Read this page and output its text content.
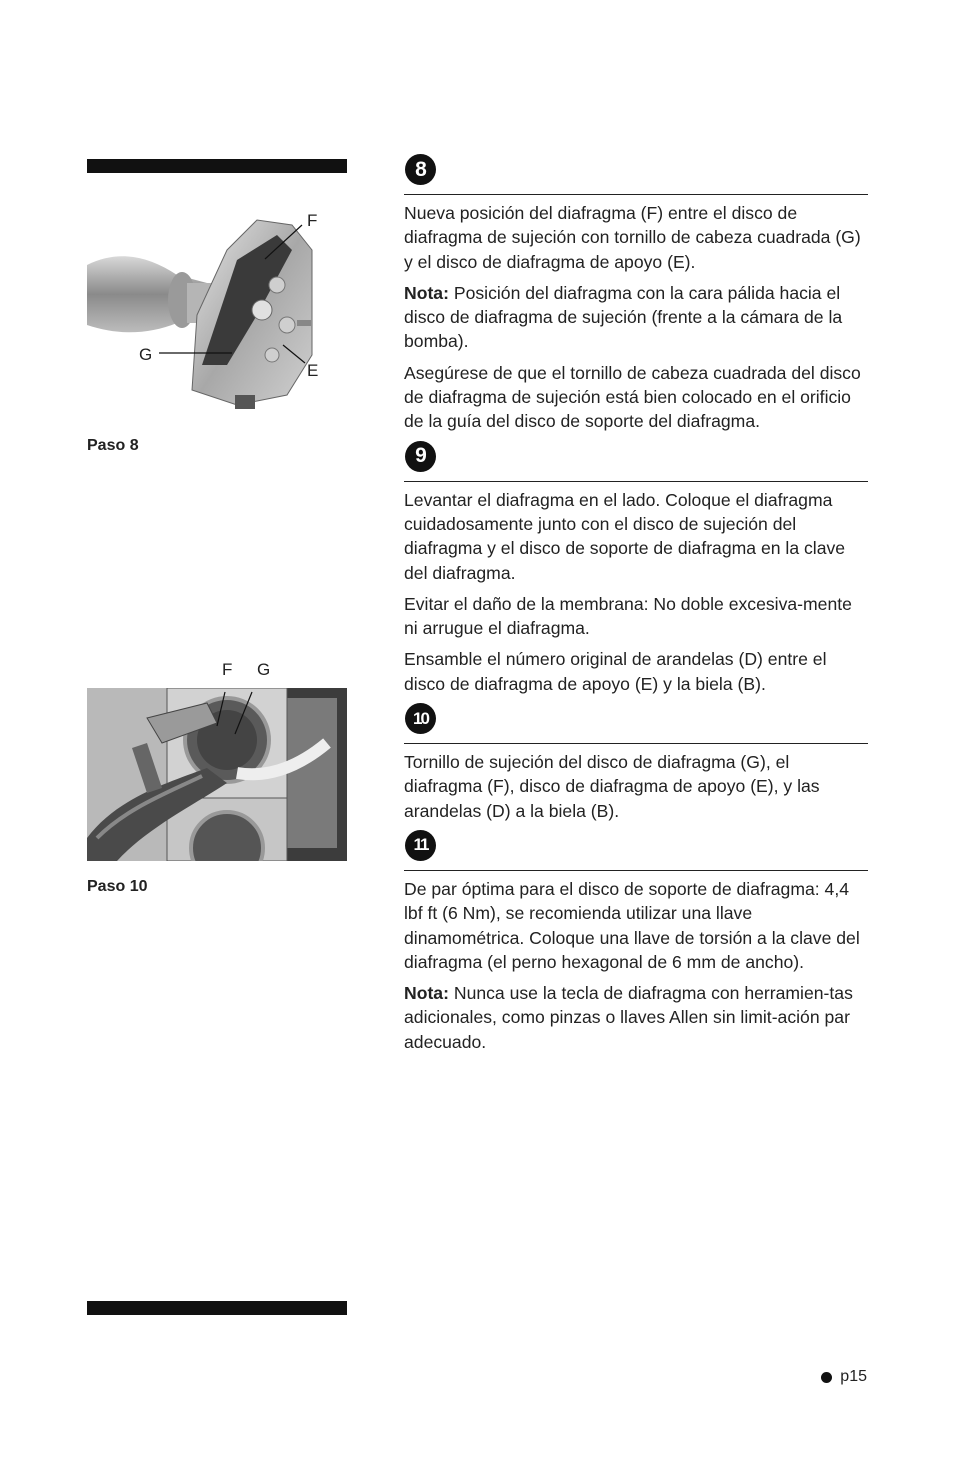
F
G
E
Paso 8
F G
Paso 10
8

Nueva posición del diafragma (F) entre el disco de diafragma de sujeción con tornillo de cabeza cuadrada (G) y el disco de diafragma de apoyo (E).

Nota: Posición del diafragma con la cara pálida hacia el disco de diafragma de sujeción (frente a la cámara de la bomba).

Asegúrese de que el tornillo de cabeza cuadrada del disco de diafragma de sujeción está bien colocado en el orificio de la guía del disco de soporte del diafragma.

9

Levantar el diafragma en el lado. Coloque el diafragma cuidadosamente junto con el disco de sujeción del diafragma y el disco de soporte de diafragma en la clave del diafragma.

Evitar el daño de la membrana: No doble excesiva-mente ni arrugue el diafragma.

Ensamble el número original de arandelas (D) entre el disco de diafragma de apoyo (E) y la biela (B).

10

Tornillo de sujeción del disco de diafragma (G), el diafragma (F), disco de diafragma de apoyo (E), y las arandelas (D) a la biela (B).

11

De par óptima para el disco de soporte de diafragma: 4,4 lbf ft (6 Nm), se recomienda utilizar una llave dinamométrica. Coloque una llave de torsión a la clave del diafragma (el perno hexagonal de 6 mm de ancho).

Nota: Nunca use la tecla de diafragma con herramien-tas adicionales, como pinzas o llaves Allen sin limit-ación par adecuado.

p15
